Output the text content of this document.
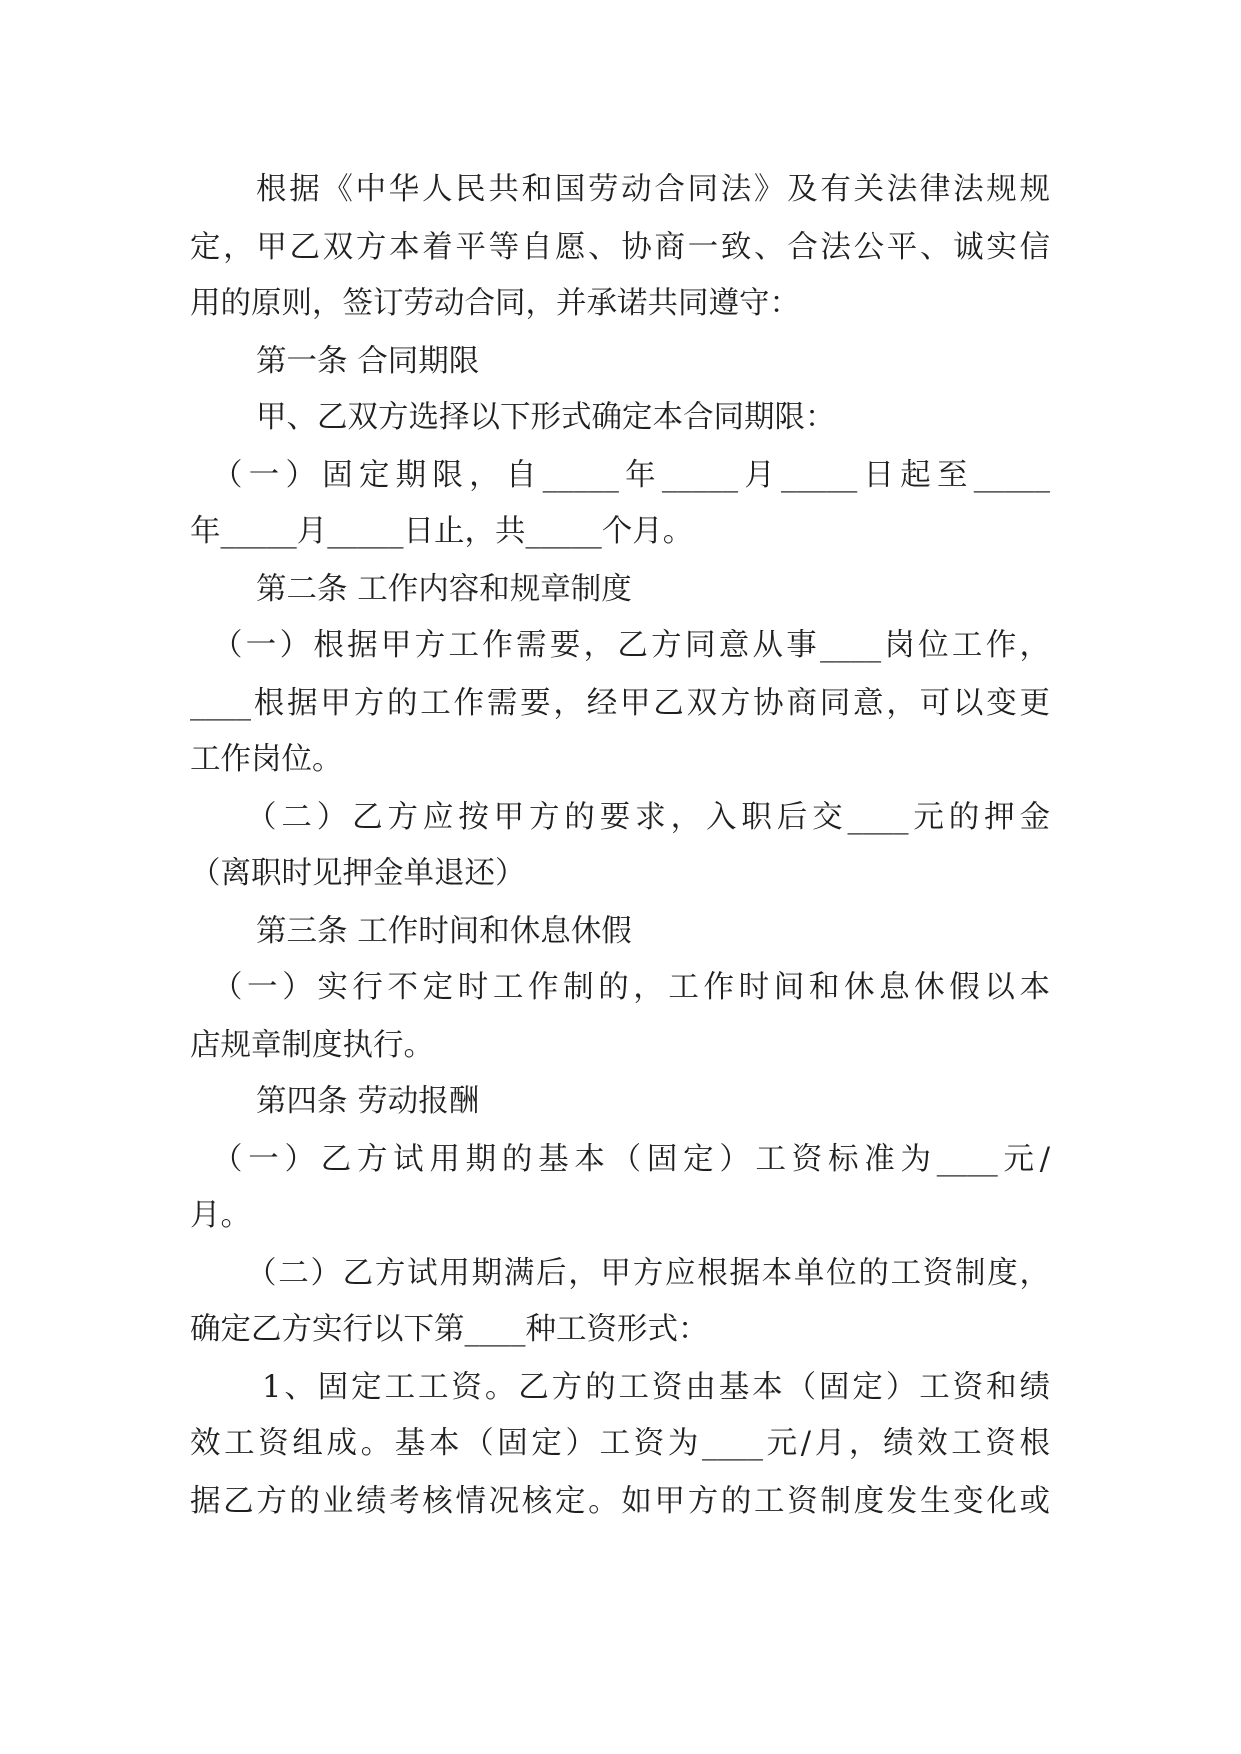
根据《中华人民共和国劳动合同法》及有关法律法规规
定，甲乙双方本着平等自愿、协商一致、合法公平、诚实信
用的原则，签订劳动合同，并承诺共同遵守：
第一条 合同期限
甲、乙双方选择以下形式确定本合同期限：
（一）固定期限，自_____年_____月_____日起至_____
年_____月_____日止，共_____个月。
第二条 工作内容和规章制度
（一）根据甲方工作需要，乙方同意从事____岗位工作，
____根据甲方的工作需要，经甲乙双方协商同意，可以变更
工作岗位。
（二）乙方应按甲方的要求，入职后交____元的押金
（离职时见押金单退还）
第三条 工作时间和休息休假
（一）实行不定时工作制的，工作时间和休息休假以本
店规章制度执行。
第四条 劳动报酬
（一）乙方试用期的基本（固定）工资标准为____元/
月。
（二）乙方试用期满后，甲方应根据本单位的工资制度，
确定乙方实行以下第____种工资形式：
1、固定工工资。乙方的工资由基本（固定）工资和绩
效工资组成。基本（固定）工资为____元/月，绩效工资根
据乙方的业绩考核情况核定。如甲方的工资制度发生变化或
